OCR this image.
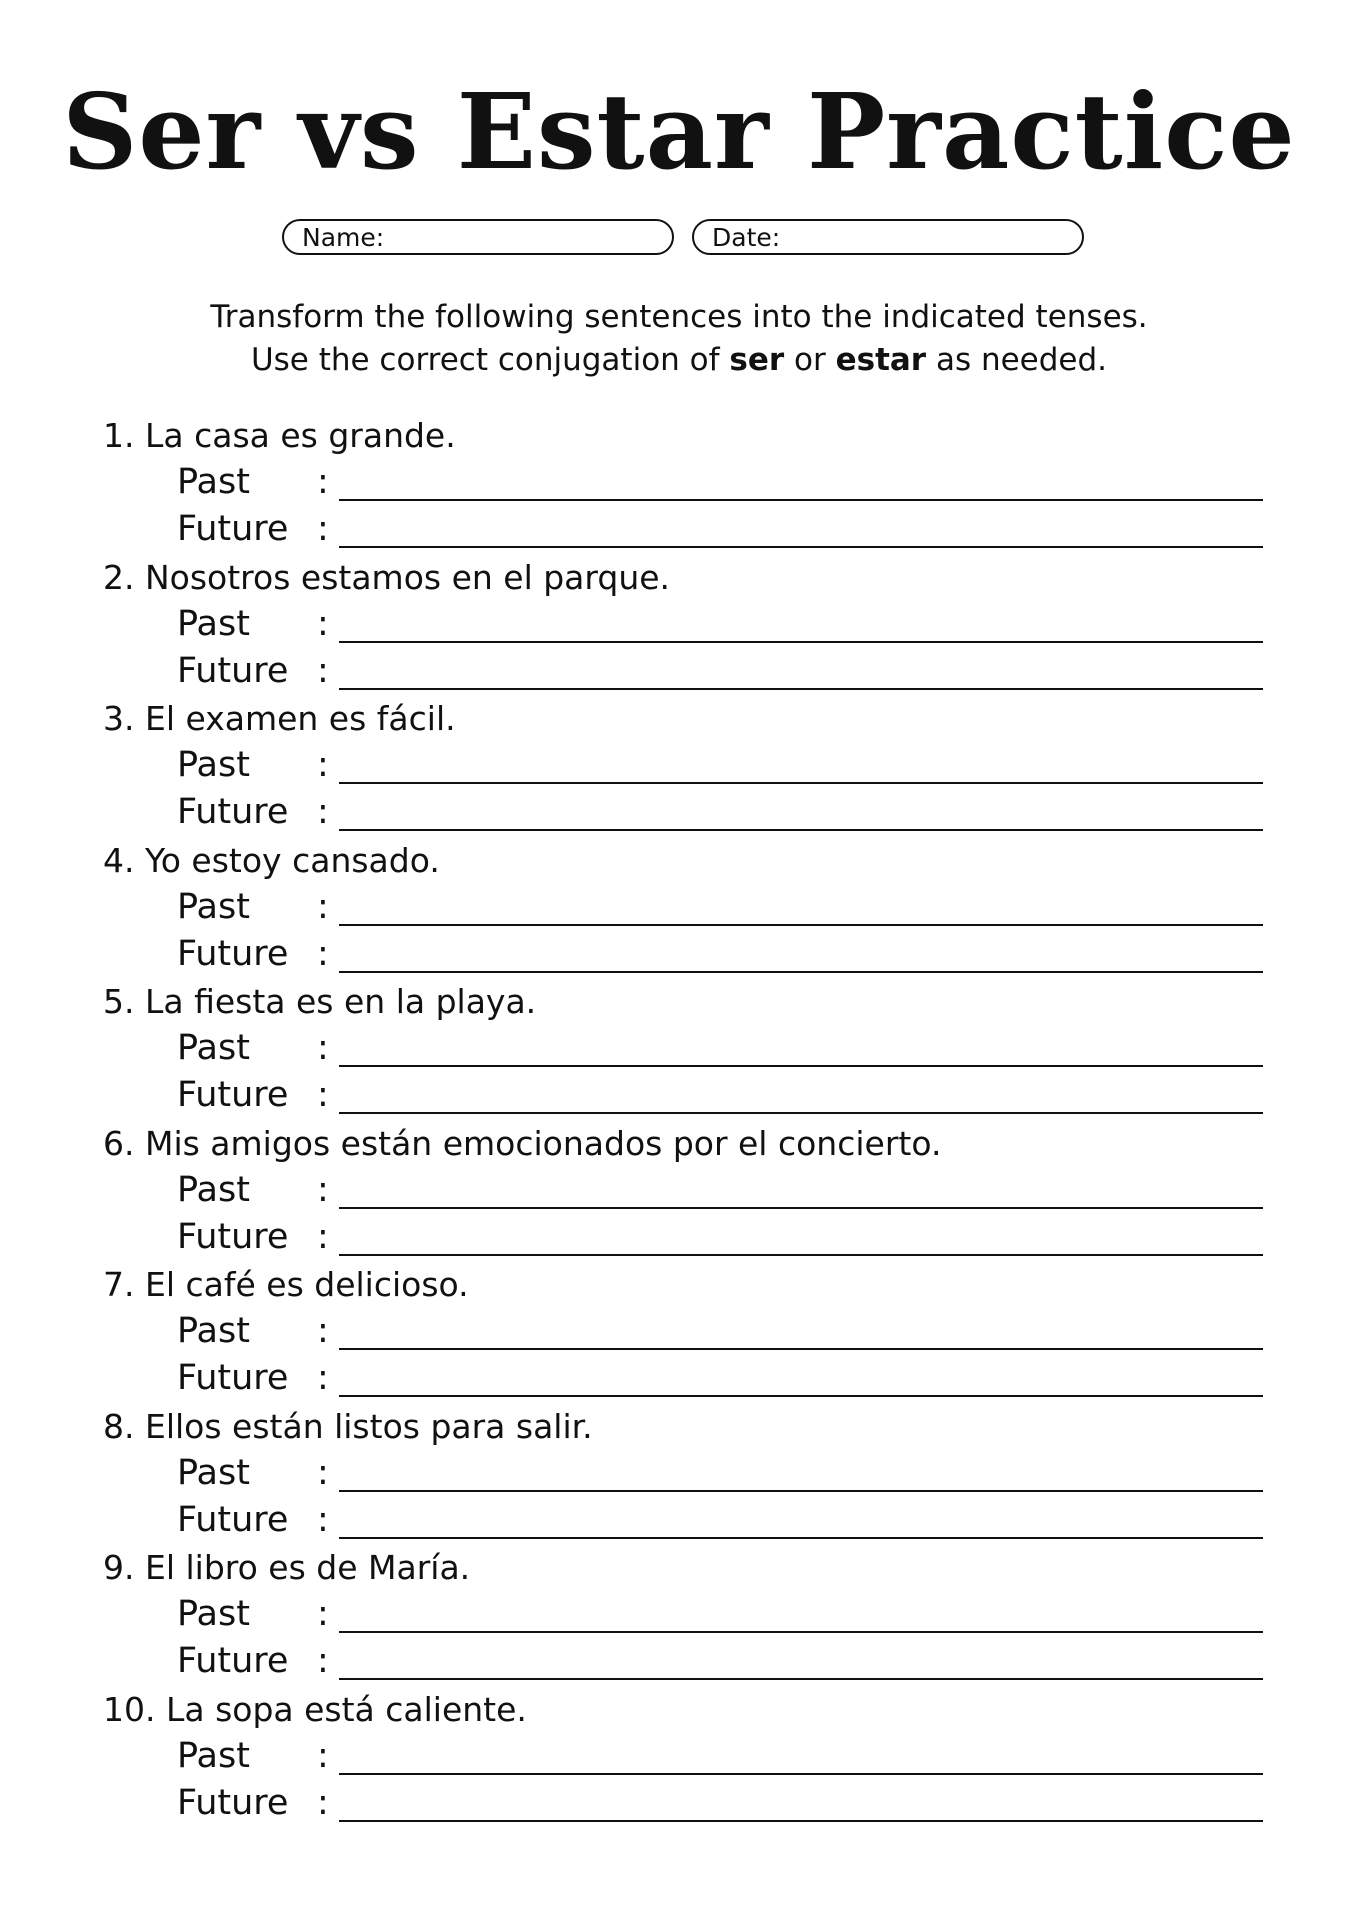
Ser vs Estar Practice
Name:	Date:
Transform the following sentences into the indicated tenses.
Use the correct conjugation of ser or estar as needed.
1. La casa es grande.
Past :
Future :
2. Nosotros estamos en el parque.
Past :
Future :
3. El examen es fácil.
Past :
Future :
4. Yo estoy cansado.
Past :
Future :
5. La fiesta es en la playa.
Past :
Future :
6. Mis amigos están emocionados por el concierto.
Past :
Future :
7. El café es delicioso.
Past :
Future :
8. Ellos están listos para salir.
Past :
Future :
9. El libro es de María.
Past :
Future :
10. La sopa está caliente.
Past :
Future :
